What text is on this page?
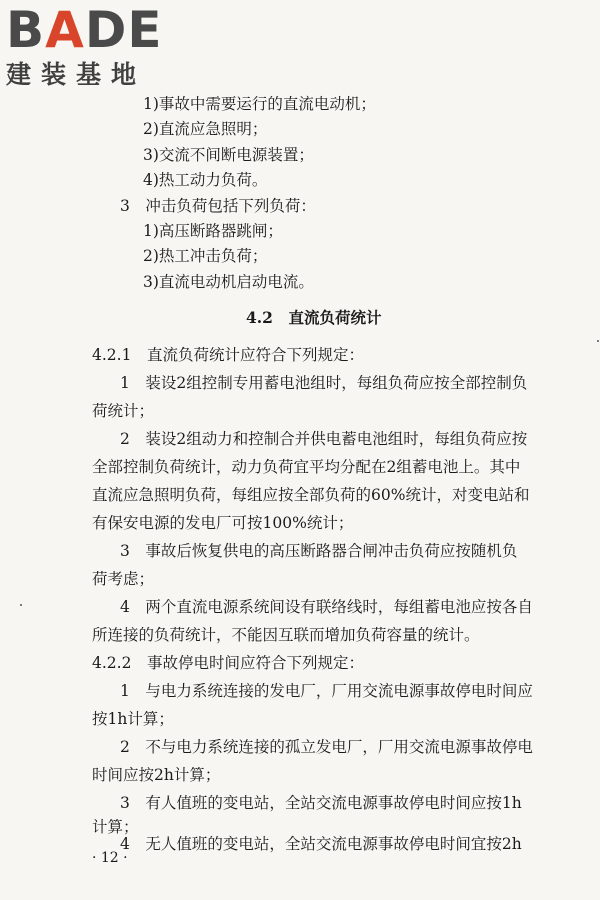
BADE
建装基地
1)事故中需要运行的直流电动机；
2)直流应急照明；
3)交流不间断电源装置；
4)热工动力负荷。
3　冲击负荷包括下列负荷：
1)高压断路器跳闸；
2)热工冲击负荷；
3)直流电动机启动电流。
4.2　直流负荷统计
4.2.1　直流负荷统计应符合下列规定：
1　装设2组控制专用蓄电池组时，每组负荷应按全部控制负
荷统计；
2　装设2组动力和控制合并供电蓄电池组时，每组负荷应按
全部控制负荷统计，动力负荷宜平均分配在2组蓄电池上。其中
直流应急照明负荷，每组应按全部负荷的60%统计，对变电站和
有保安电源的发电厂可按100%统计；
3　事故后恢复供电的高压断路器合闸冲击负荷应按随机负
荷考虑；
4　两个直流电源系统间设有联络线时，每组蓄电池应按各自
所连接的负荷统计，不能因互联而增加负荷容量的统计。
4.2.2　事故停电时间应符合下列规定：
1　与电力系统连接的发电厂，厂用交流电源事故停电时间应
按1h计算；
2　不与电力系统连接的孤立发电厂，厂用交流电源事故停电
时间应按2h计算；
3　有人值班的变电站，全站交流电源事故停电时间应按1h
计算；
4　无人值班的变电站，全站交流电源事故停电时间宜按2h
· 12 ·
